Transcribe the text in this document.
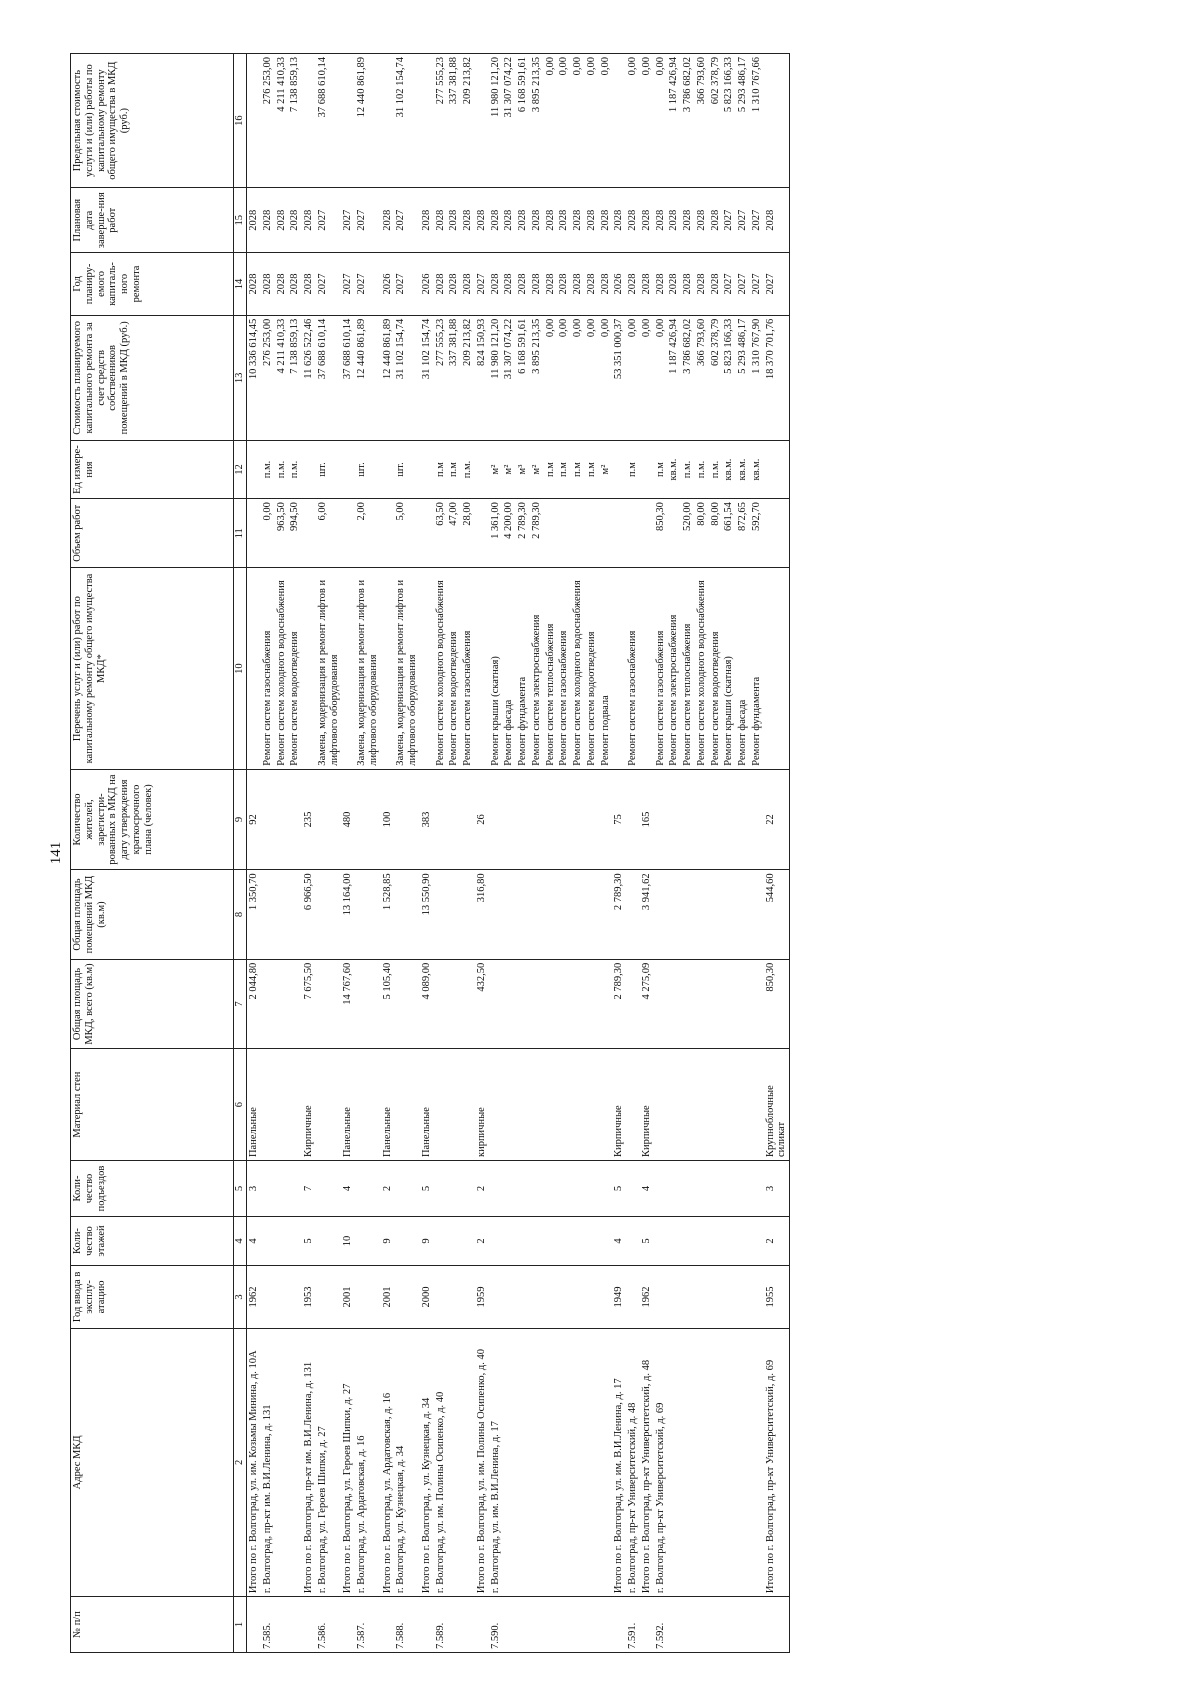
141
№ п/п	Адрес МКД	Год ввода в эксплу-атацию	Коли-чество этажей	Коли-чество подъездов	Материал стен	Общая площадь МКД, всего (кв.м)	Общая площадь помещений МКД (кв.м)	Количество жителей, зарегистри-рованных в МКД на дату утверждения краткосрочного плана (человек)	Перечень услуг и (или) работ по капитальному ремонту общего имущества МКД*	Объем работ	Ед измере-ния	Стоимость планируемого капитального ремонта за счет средств собственников помещений в МКД (руб.)	Год планиру-емого капиталь-ного ремонта	Плановая дата заверше-ния работ	Предельная стоимость услуги и (или) работы по капитальному ремонту общего имущества в МКД (руб.)
1	2	3	4	5	6	7	8	9	10	11	12	13	14	15	16
	Итого по г. Волгоград, ул. им. Козьмы Минина, д. 10А	1962	4	3	Панельные	2 044,80	1 350,70	92				10 336 614,45	2028	2028	
7.585.	г. Волгоград, пр-кт им. В.И.Ленина, д. 131								Ремонт систем газоснабжения	0,00	п.м.	276 253,00	2028	2028	276 253,00
									Ремонт систем холодного водоснабжения	963,50	п.м.	4 211 410,33	2028	2028	4 211 410,33
									Ремонт систем водоотведения	994,50	п.м.	7 138 859,13	2028	2028	7 138 859,13
	Итого по г. Волгоград, пр-кт им. В.И.Ленина, д. 131	1953	5	7	Кирпичные	7 675,50	6 966,50	235				11 626 522,46	2028	2028	
7.586.	г. Волгоград, ул. Героев Шипки, д. 27								Замена, модернизация и ремонт лифтов и лифтового оборудования	6,00	шт.	37 688 610,14	2027	2027	37 688 610,14
	Итого по г. Волгоград, ул. Героев Шипки, д. 27	2001	10	4	Панельные	14 767,60	13 164,00	480				37 688 610,14	2027	2027	
7.587.	г. Волгоград, ул. Ардатовская, д. 16								Замена, модернизация и ремонт лифтов и лифтового оборудования	2,00	шт.	12 440 861,89	2027	2027	12 440 861,89
	Итого по г. Волгоград, ул. Ардатовская, д. 16	2001	9	2	Панельные	5 105,40	1 528,85	100				12 440 861,89	2026	2028	
7.588.	г. Волгоград, ул. Кузнецкая, д. 34								Замена, модернизация и ремонт лифтов и лифтового оборудования	5,00	шт.	31 102 154,74	2027	2027	31 102 154,74
	Итого по г. Волгоград, , ул. Кузнецкая, д. 34	2000	9	5	Панельные	4 089,00	13 550,90	383				31 102 154,74	2026	2028	
7.589.	г. Волгоград, ул. им. Полины Осипенко, д. 40								Ремонт систем холодного водоснабжения	63,50	п.м	277 555,23	2028	2028	277 555,23
									Ремонт систем водоотведения	47,00	п.м	337 381,88	2028	2028	337 381,88
									Ремонт систем газоснабжения	28,00	п.м.	209 213,82	2028	2028	209 213,82
	Итого по г. Волгоград, ул. им. Полины Осипенко, д. 40	1959	2	2	кирпичные	432,50	316,80	26				824 150,93	2027	2028	
7.590.	г. Волгоград, ул. им. В.И.Ленина, д. 17								Ремонт крыши (скатная)	1 361,00	м²	11 980 121,20	2028	2028	11 980 121,20
									Ремонт фасада	4 200,00	м²	31 307 074,22	2028	2028	31 307 074,22
									Ремонт фундамента	2 789,30	м³	6 168 591,61	2028	2028	6 168 591,61
									Ремонт систем электроснабжения	2 789,30	м²	3 895 213,35	2028	2028	3 895 213,35
									Ремонт систем теплоснабжения		п.м	0,00	2028	2028	0,00
									Ремонт систем газоснабжения		п.м	0,00	2028	2028	0,00
									Ремонт систем холодного водоснабжения		п.м	0,00	2028	2028	0,00
									Ремонт систем водоотведения		п.м	0,00	2028	2028	0,00
									Ремонт подвала		м²	0,00	2028	2028	0,00
	Итого по г. Волгоград, ул. им. В.И.Ленина, д. 17	1949	4	5	Кирпичные	2 789,30	2 789,30	75				53 351 000,37	2026	2028	
7.591.	г. Волгоград, пр-кт Университетский, д. 48								Ремонт систем газоснабжения		п.м	0,00	2028	2028	0,00
	Итого по г. Волгоград, пр-кт Университетский, д. 48	1962	5	4	Кирпичные	4 275,09	3 941,62	165				0,00	2028	2028	0,00
7.592.	г. Волгоград, пр-кт Университетский, д. 69								Ремонт систем газоснабжения	850,30	п.м	0,00	2028	2028	0,00
									Ремонт систем электроснабжения		кв.м.	1 187 426,94	2028	2028	1 187 426,94
									Ремонт систем теплоснабжения	520,00	п.м.	3 786 682,02	2028	2028	3 786 682,02
									Ремонт систем холодного водоснабжения	80,00	п.м.	366 793,60	2028	2028	366 793,60
									Ремонт систем водоотведения	80,00	п.м.	602 378,79	2028	2028	602 378,79
									Ремонт крыши (скатная)	661,54	кв.м.	5 823 166,33	2027	2027	5 823 166,33
									Ремонт фасада	872,65	кв.м.	5 293 486,17	2027	2027	5 293 486,17
									Ремонт фундамента	592,70	кв.м.	1 310 767,90	2027	2027	1 310 767,66
	Итого по г. Волгоград, пр-кт Университетский, д. 69	1955	2	3	Крупноблочные силикат	850,30	544,60	22				18 370 701,76	2027	2028	
